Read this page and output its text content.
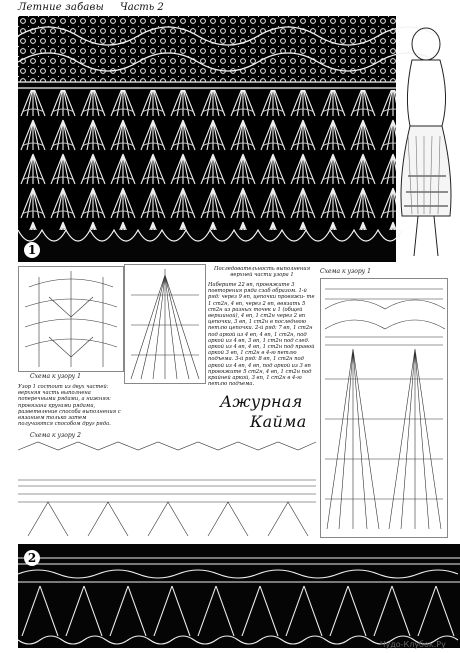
Летние забавы Часть 2
1
Схема к узору 1
Последовательность выполнения верхней части узора 1
Наберите 22 вп, провяжите 3 повторения ряда сзаб образом. 1-й ряд: через 9 вп, цепочки провяжи- те 1 ст2н, 4 вп, через 2 вп, ввязать 5 ст2н из разных точек и 1 (общей вершиной), 4 вп, 1 ст2н через 2 вп цепочки, 3 вп, 1 ст2н в последнюю петлю цепочки. 2-й ряд: 7 вп, 1 ст2н под аркой из 4 вп, 4 вп, 1 ст2н, под аркой из 4 вп, 3 вп, 1 ст2н под след. аркой из 4 вп, 4 вп, 1 ст2н под правой аркой 3 вп, 1 ст2н в 4-ю петлю подъема. 3-й ряд: 8 вп, 1 ст2н под аркой из 4 вп, 4 вп, под аркой из 3 вп провяжите 5 ст2н, 4 вп, 1 ст2н под крайней аркой, 3 вп, 1 ст2н в 4-ю петлю подъема.
Схема к узору 1
Узор 1 состоит из двух частей: верхняя часть выполнена поперечными рядами, а нижняя: провязана кругами рядами, разветвление способа выполнения с вязанием только затем получаются способом друг ряда.
Ажурная
Кайма
Схема к узору 2
2
Чудо-Клубок.Ру
